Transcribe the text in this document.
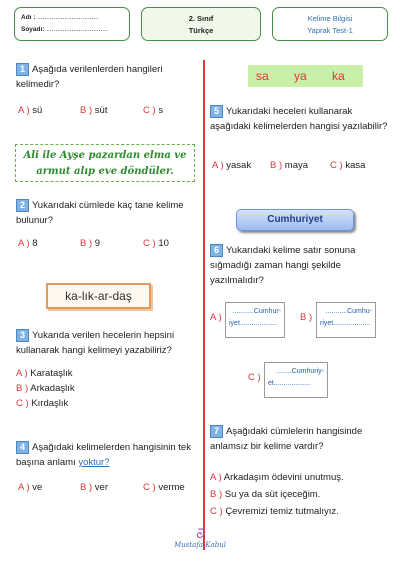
Adı : ..................................
Soyadı: ..................................
2. Sınıf
Türkçe
Kelime Bilgisi
Yaprak Test-1
1 Aşağıda verilenlerden hangileri kelimedir?
A ) sü	B ) süt	C ) s
Ali ile Ayşe pazardan elma ve
armut alıp eve döndüler.
2 Yukarıdaki cümlede kaç tane kelime bulunur?
A ) 8	B ) 9	C ) 10
ka-lık-ar-daş
3 Yukarıda verilen hecelerin hepsini kullanarak hangi kelimeyi yazabiliriz?
A ) Karataşlık
B ) Arkadaşlık
C ) Kırdaşlık
4 Aşağıdaki kelimelerden hangisinin tek başına anlamı yoktur?
A ) ve	B ) ver	C ) verme
sa ya ka
5 Yukarıdaki heceleri kullanarak aşağıdaki kelimelerden hangisi yazılabilir?
A ) yasak B ) maya C ) kasa
Cumhuriyet
6 Yukarıdaki kelime satır sonuna sığmadığı zaman hangi şekilde yazılmalıdır?
A )
...........Cumhur-
iyet...................
B )
...........Cumhu-
riyet...................
C )
........Cumhuriy-
et...................
7 Aşağıdaki cümlelerin hangisinde anlamsız bir kelime vardır?
A ) Arkadaşım ödevini unutmuş.
B ) Su ya da süt içeceğim.
C ) Çevremizi temiz tutmalıyız.
ᘐ
Mustafa Kabul
